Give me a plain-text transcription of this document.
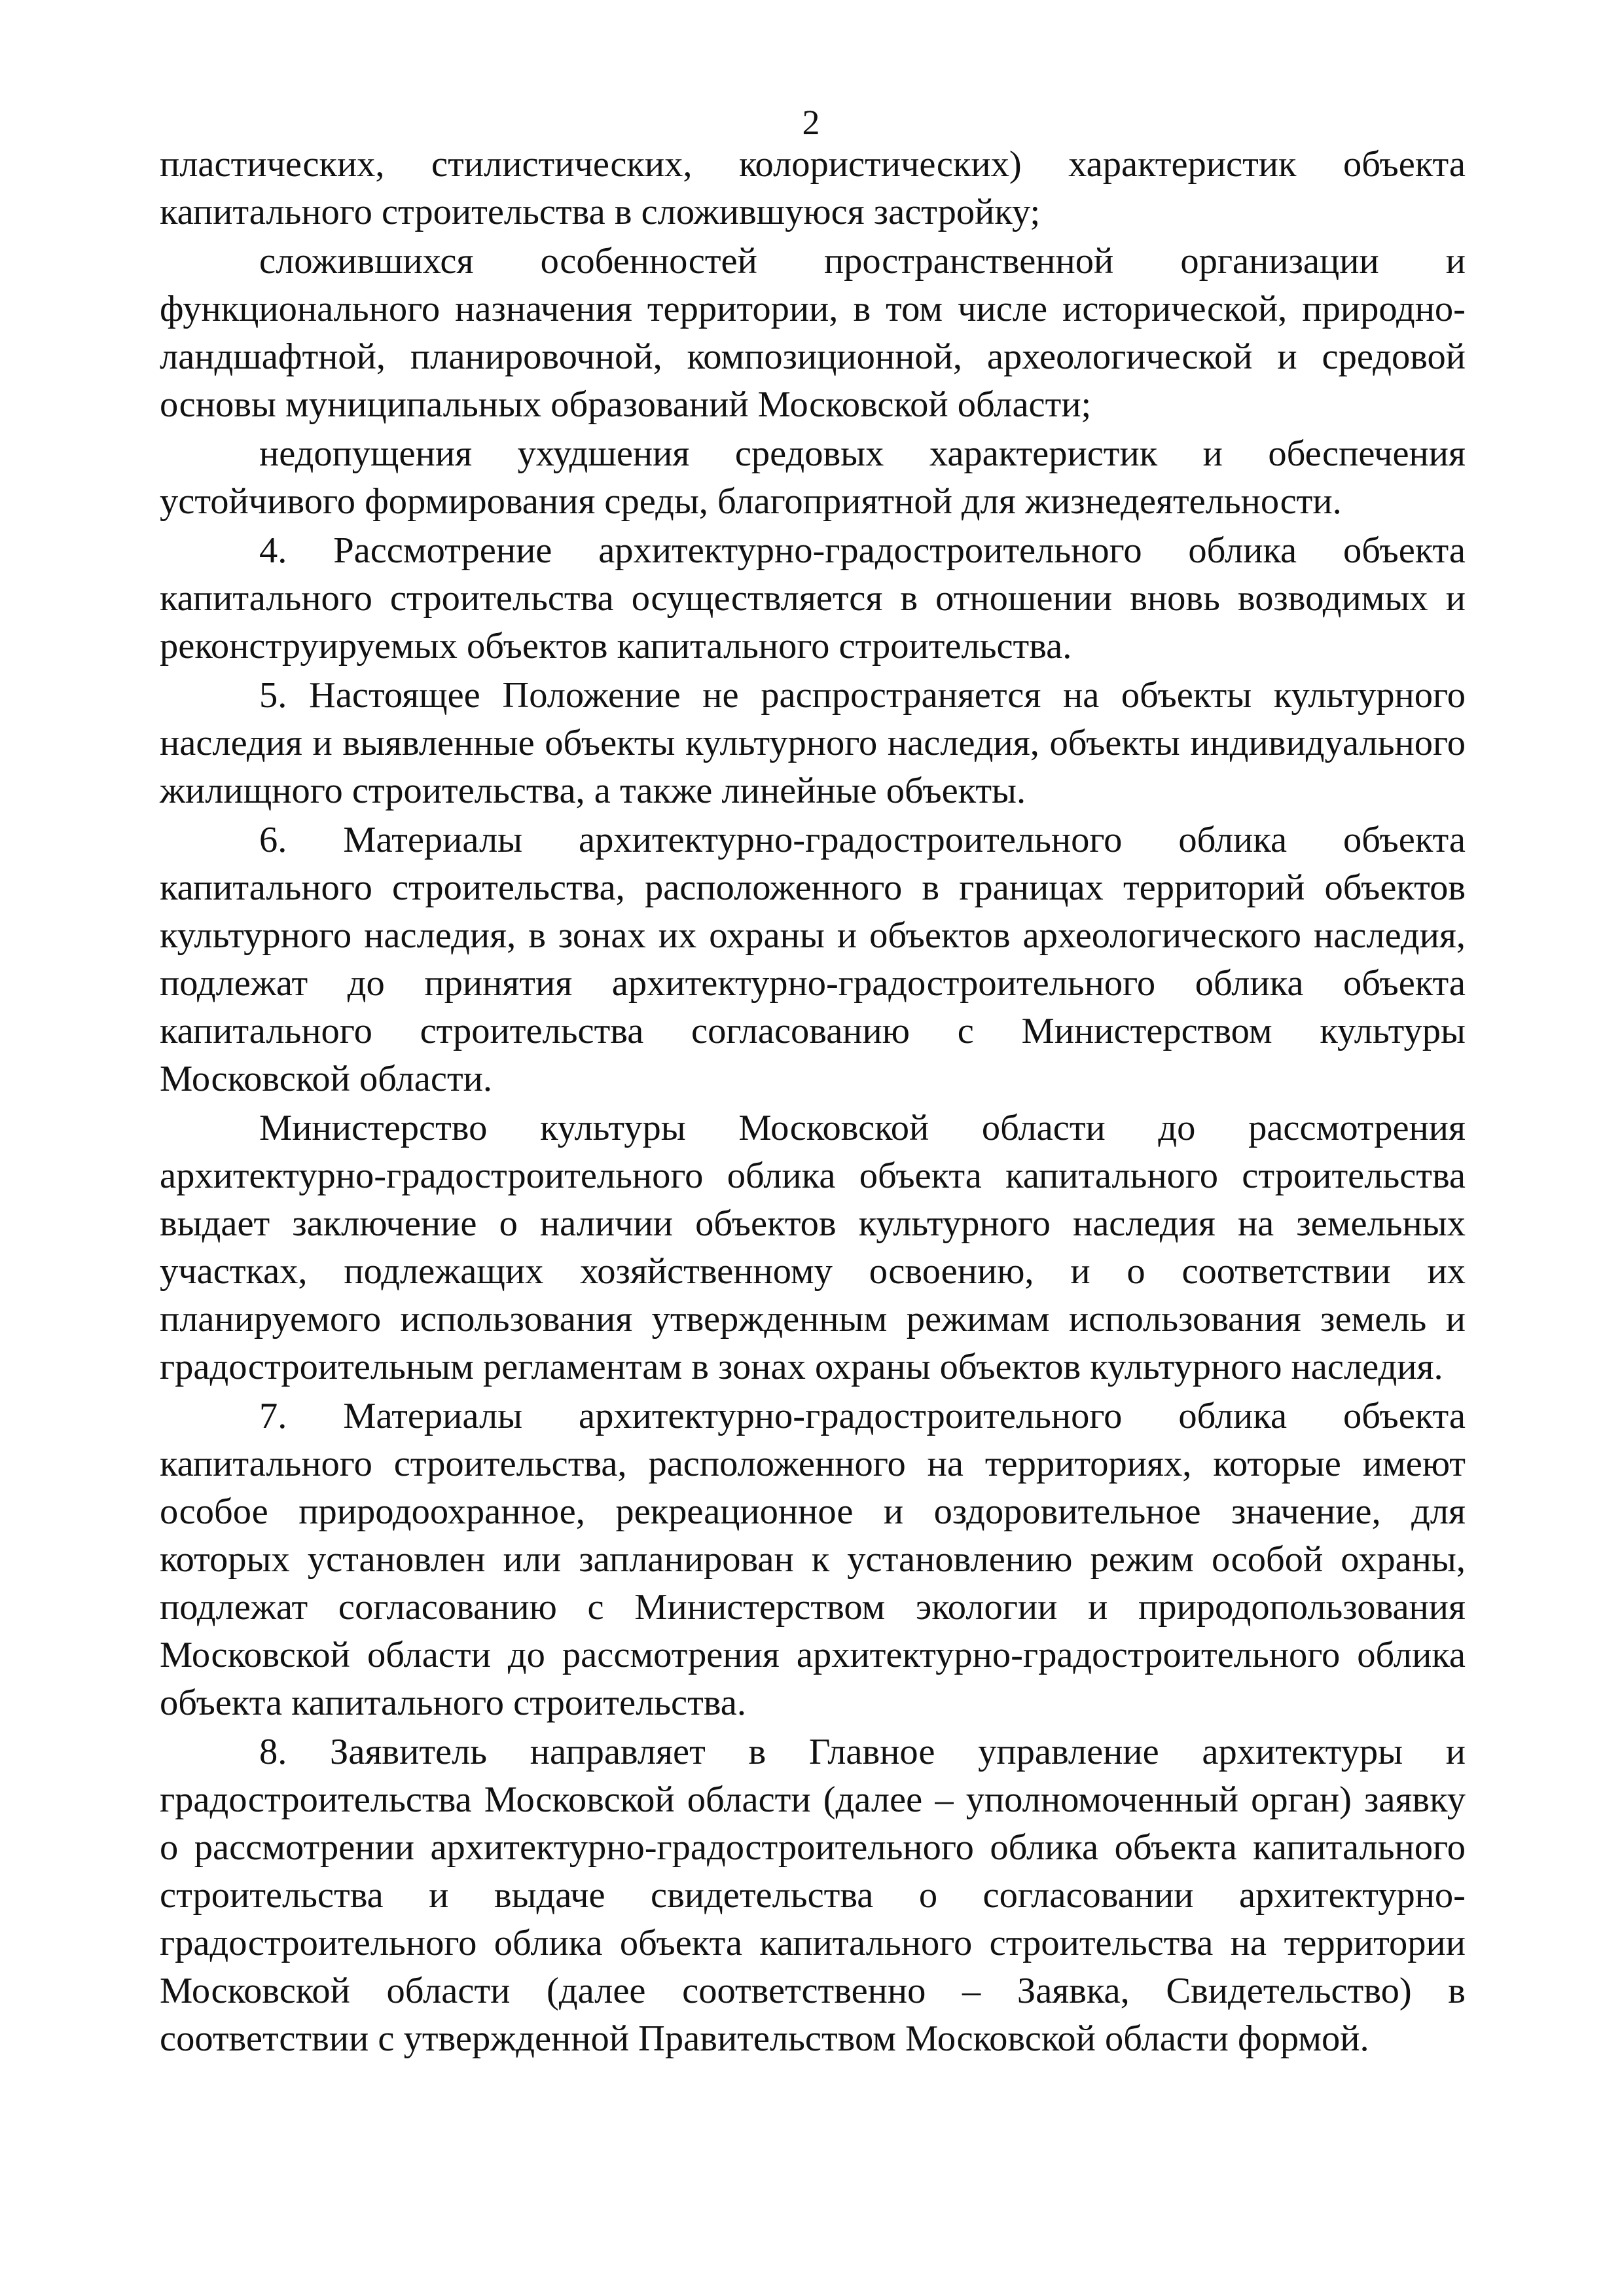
2

пластических, стилистических, колористических) характеристик объекта капитального строительства в сложившуюся застройку;

сложившихся особенностей пространственной организации и функционального назначения территории, в том числе исторической, природно-ландшафтной, планировочной, композиционной, археологической и средовой основы муниципальных образований Московской области;

недопущения ухудшения средовых характеристик и обеспечения устойчивого формирования среды, благоприятной для жизнедеятельности.

4. Рассмотрение архитектурно-градостроительного облика объекта капитального строительства осуществляется в отношении вновь возводимых и реконструируемых объектов капитального строительства.

5. Настоящее Положение не распространяется на объекты культурного наследия и выявленные объекты культурного наследия, объекты индивидуального жилищного строительства, а также линейные объекты.

6. Материалы архитектурно-градостроительного облика объекта капитального строительства, расположенного в границах территорий объектов культурного наследия, в зонах их охраны и объектов археологического наследия, подлежат до принятия архитектурно-градостроительного облика объекта капитального строительства согласованию с Министерством культуры Московской области.

Министерство культуры Московской области до рассмотрения архитектурно-градостроительного облика объекта капитального строительства выдает заключение о наличии объектов культурного наследия на земельных участках, подлежащих хозяйственному освоению, и о соответствии их планируемого использования утвержденным режимам использования земель и градостроительным регламентам в зонах охраны объектов культурного наследия.

7. Материалы архитектурно-градостроительного облика объекта капитального строительства, расположенного на территориях, которые имеют особое природоохранное, рекреационное и оздоровительное значение, для которых установлен или запланирован к установлению режим особой охраны, подлежат согласованию с Министерством экологии и природопользования Московской области до рассмотрения архитектурно-градостроительного облика объекта капитального строительства.

8. Заявитель направляет в Главное управление архитектуры и градостроительства Московской области (далее – уполномоченный орган) заявку о рассмотрении архитектурно-градостроительного облика объекта капитального строительства и выдаче свидетельства о согласовании архитектурно-градостроительного облика объекта капитального строительства на территории Московской области (далее соответственно – Заявка, Свидетельство) в соответствии с утвержденной Правительством Московской области формой.
